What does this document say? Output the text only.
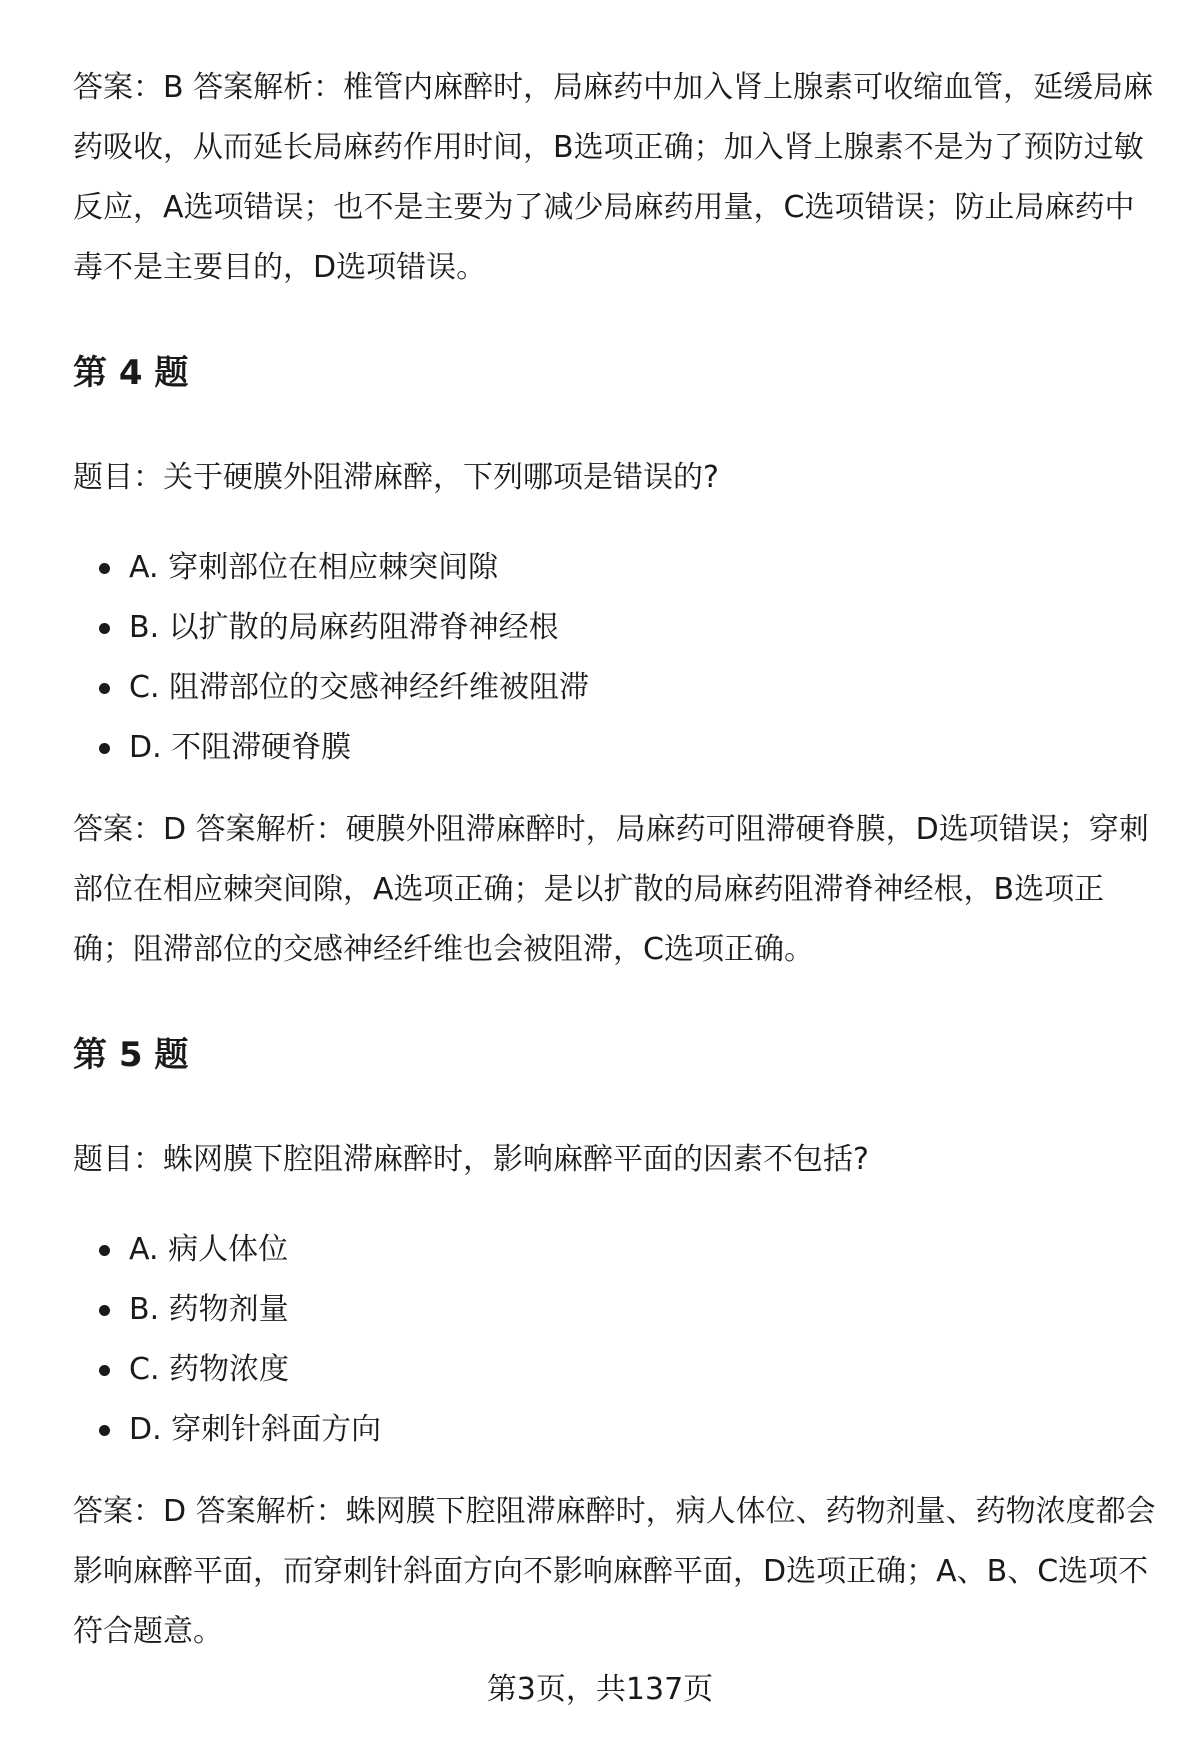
答案：B 答案解析：椎管内麻醉时，局麻药中加入肾上腺素可收缩血管，延缓局麻药吸收，从而延长局麻药作用时间，B选项正确；加入肾上腺素不是为了预防过敏反应，A选项错误；也不是主要为了减少局麻药用量，C选项错误；防止局麻药中毒不是主要目的，D选项错误。

第 4 题

题目：关于硬膜外阻滞麻醉，下列哪项是错误的?

A. 穿刺部位在相应棘突间隙
B. 以扩散的局麻药阻滞脊神经根
C. 阻滞部位的交感神经纤维被阻滞
D. 不阻滞硬脊膜

答案：D 答案解析：硬膜外阻滞麻醉时，局麻药可阻滞硬脊膜，D选项错误；穿刺部位在相应棘突间隙，A选项正确；是以扩散的局麻药阻滞脊神经根，B选项正确；阻滞部位的交感神经纤维也会被阻滞，C选项正确。

第 5 题

题目：蛛网膜下腔阻滞麻醉时，影响麻醉平面的因素不包括?

A. 病人体位
B. 药物剂量
C. 药物浓度
D. 穿刺针斜面方向

答案：D 答案解析：蛛网膜下腔阻滞麻醉时，病人体位、药物剂量、药物浓度都会影响麻醉平面，而穿刺针斜面方向不影响麻醉平面，D选项正确；A、B、C选项不符合题意。

第3页，共137页
